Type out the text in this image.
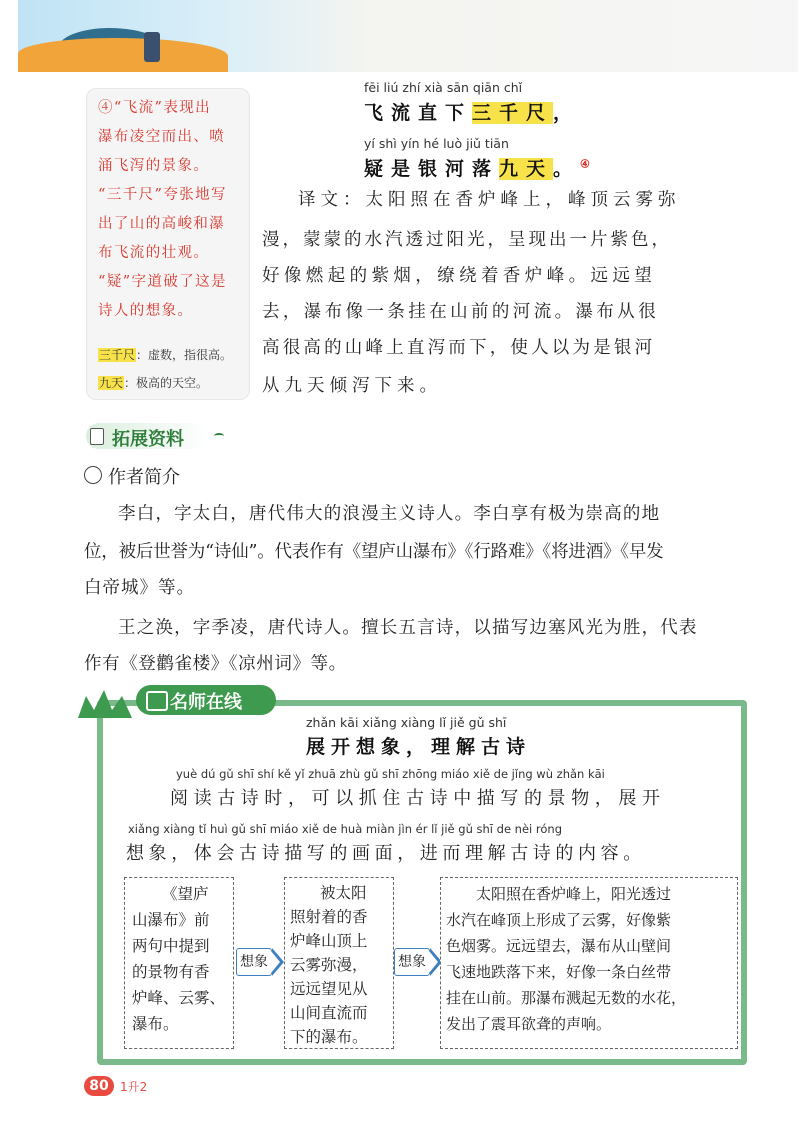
④“飞流”表现出
瀑布凌空而出、喷
涌飞泻的景象。
“三千尺”夸张地写
出了山的高峻和瀑
布飞流的壮观。
“疑”字道破了这是
诗人的想象。
三千尺：虚数，指很高。
九天：极高的天空。
fēi liú zhí xià sān qiān chǐ
飞流直下三千尺，
yí shì yín hé luò jiǔ tiān
疑是银河落九天。④
译文：太阳照在香炉峰上，峰顶云雾弥
漫，蒙蒙的水汽透过阳光，呈现出一片紫色，
好像燃起的紫烟，缭绕着香炉峰。远远望
去，瀑布像一条挂在山前的河流。瀑布从很
高很高的山峰上直泻而下，使人以为是银河
从九天倾泻下来。
拓展资料
作者简介
李白，字太白，唐代伟大的浪漫主义诗人。李白享有极为崇高的地
位，被后世誉为“诗仙”。代表作有《望庐山瀑布》《行路难》《将进酒》《早发
白帝城》等。
王之涣，字季凌，唐代诗人。擅长五言诗，以描写边塞风光为胜，代表
作有《登鹳雀楼》《凉州词》等。
名师在线
zhǎn kāi xiǎng xiàng lǐ jiě gǔ shī
展开想象，理解古诗
yuè dú gǔ shī shí kě yǐ zhuā zhù gǔ shī zhōng miáo xiě de jǐng wù zhǎn kāi
阅读古诗时，可以抓住古诗中描写的景物，展开
xiǎng xiàng tǐ huì gǔ shī miáo xiě de huà miàn jìn ér lǐ jiě gǔ shī de nèi róng
想象，体会古诗描写的画面，进而理解古诗的内容。
《望庐
山瀑布》前
两句中提到
的景物有香
炉峰、云雾、
瀑布。
想象
被太阳
照射着的香
炉峰山顶上
云雾弥漫，
远远望见从
山间直流而
下的瀑布。
想象
太阳照在香炉峰上，阳光透过
水汽在峰顶上形成了云雾，好像紫
色烟雾。远远望去，瀑布从山壁间
飞速地跌落下来，好像一条白丝带
挂在山前。那瀑布溅起无数的水花，
发出了震耳欲聋的声响。
80 1升2
